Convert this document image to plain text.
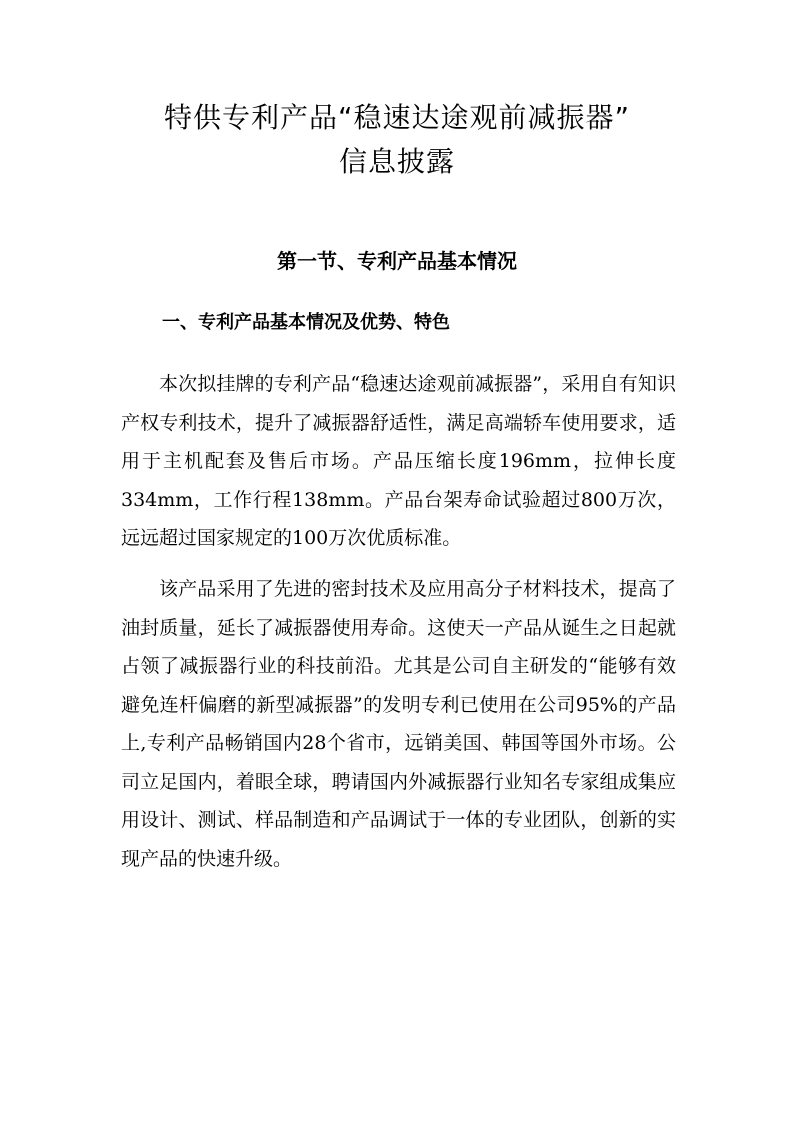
特供专利产品“稳速达途观前减振器”
信息披露
第一节、专利产品基本情况
一、专利产品基本情况及优势、特色

本次拟挂牌的专利产品“稳速达途观前减振器”，采用自有知识产权专利技术，提升了减振器舒适性，满足高端轿车使用要求，适用于主机配套及售后市场。产品压缩长度196mm，拉伸长度334mm，工作行程138mm。产品台架寿命试验超过800万次，远远超过国家规定的100万次优质标准。

该产品采用了先进的密封技术及应用高分子材料技术，提高了油封质量，延长了减振器使用寿命。这使天一产品从诞生之日起就占领了减振器行业的科技前沿。尤其是公司自主研发的“能够有效避免连杆偏磨的新型减振器”的发明专利已使用在公司95%的产品上,专利产品畅销国内28个省市，远销美国、韩国等国外市场。公司立足国内，着眼全球，聘请国内外减振器行业知名专家组成集应用设计、测试、样品制造和产品调试于一体的专业团队，创新的实现产品的快速升级。
